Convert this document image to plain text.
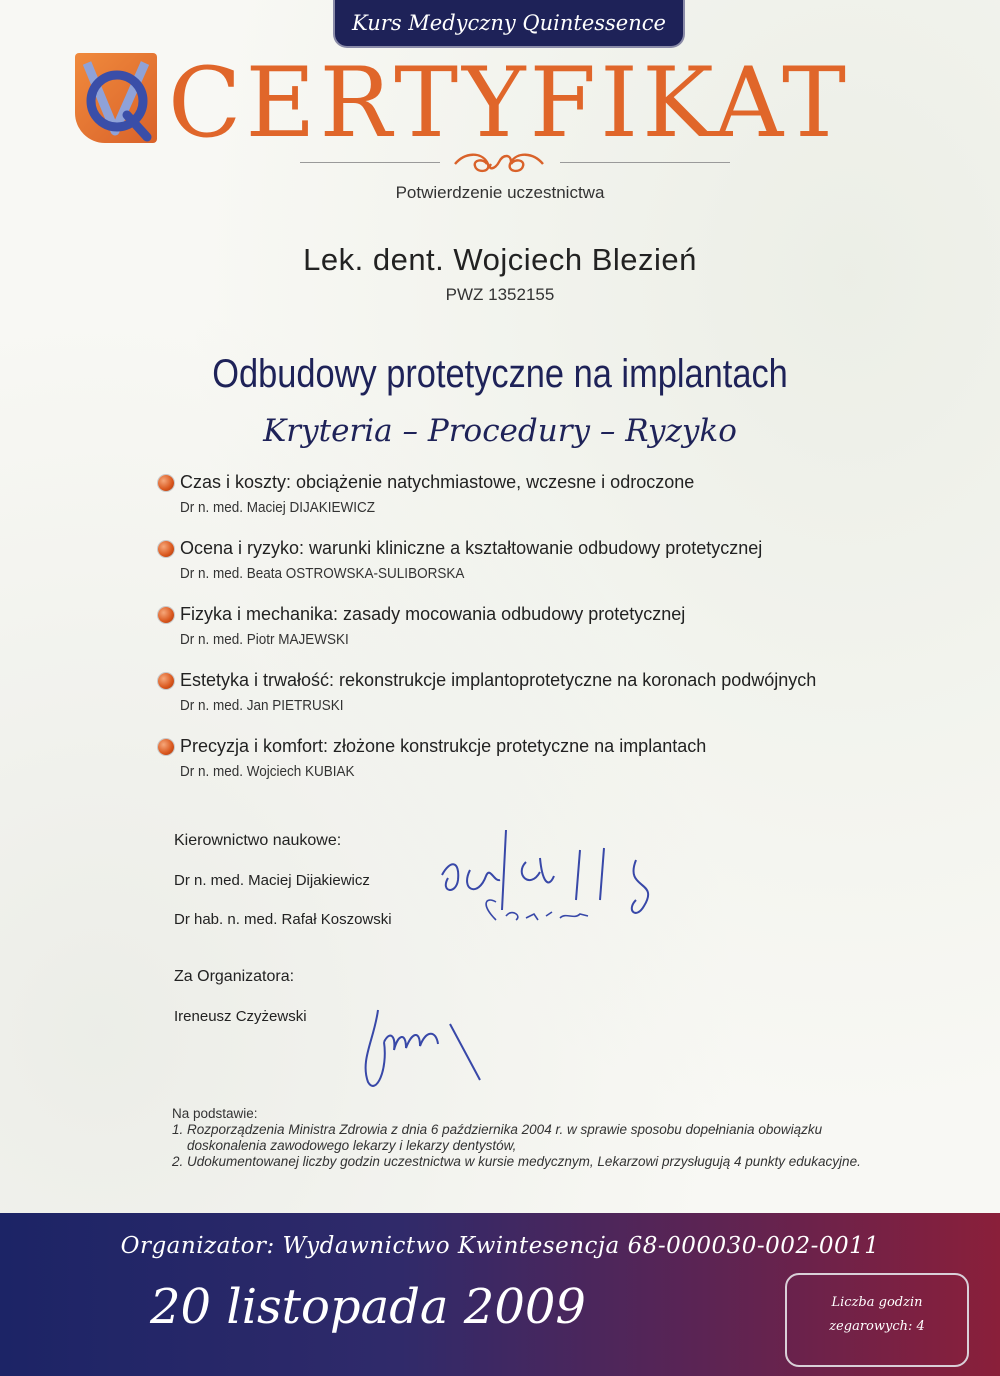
Kurs Medyczny Quintessence
CERTYFIKAT
Potwierdzenie uczestnictwa
Lek. dent. Wojciech Blezień
PWZ 1352155
Odbudowy protetyczne na implantach
Kryteria – Procedury – Ryzyko
Czas i koszty: obciążenie natychmiastowe, wczesne i odroczone
Dr n. med. Maciej DIJAKIEWICZ
Ocena i ryzyko: warunki kliniczne a kształtowanie odbudowy protetycznej
Dr n. med. Beata OSTROWSKA-SULIBORSKA
Fizyka i mechanika: zasady mocowania odbudowy protetycznej
Dr n. med. Piotr MAJEWSKI
Estetyka i trwałość: rekonstrukcje implantoprotetyczne na koronach podwójnych
Dr n. med. Jan PIETRUSKI
Precyzja i komfort: złożone konstrukcje protetyczne na implantach
Dr n. med. Wojciech KUBIAK
Kierownictwo naukowe:
Dr n. med. Maciej Dijakiewicz
Dr hab. n. med. Rafał Koszowski
Za Organizatora:
Ireneusz Czyżewski
Na podstawie:
1. Rozporządzenia Ministra Zdrowia z dnia 6 października 2004 r. w sprawie sposobu dopełniania obowiązku doskonalenia zawodowego lekarzy i lekarzy dentystów,
2. Udokumentowanej liczby godzin uczestnictwa w kursie medycznym, Lekarzowi przysługują 4 punkty edukacyjne.
Organizator: Wydawnictwo Kwintesencja 68-000030-002-0011
20 listopada 2009	Liczba godzin
zegarowych: 4
